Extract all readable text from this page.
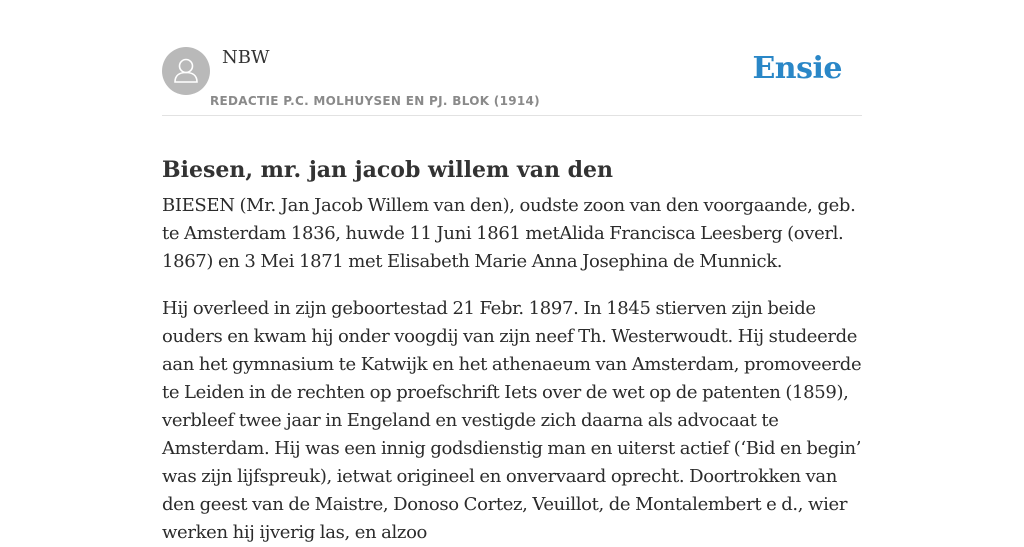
NBW
REDACTIE P.C. MOLHUYSEN EN PJ. BLOK (1914)
Ensie
Biesen, mr. jan jacob willem van den

BIESEN (Mr. Jan Jacob Willem van den), oudste zoon van den voorgaande, geb. te Amsterdam 1836, huwde 11 Juni 1861 metAlida Francisca Leesberg (overl. 1867) en 3 Mei 1871 met Elisabeth Marie Anna Josephina de Munnick.

Hij overleed in zijn geboortestad 21 Febr. 1897. In 1845 stierven zijn beide ouders en kwam hij onder voogdij van zijn neef Th. Westerwoudt. Hij studeerde aan het gymnasium te Katwijk en het athenaeum van Amsterdam, promoveerde te Leiden in de rechten op proefschrift Iets over de wet op de patenten (1859), verbleef twee jaar in Engeland en vestigde zich daarna als advocaat te Amsterdam. Hij was een innig godsdienstig man en uiterst actief (‘Bid en begin’ was zijn lijfspreuk), ietwat origineel en onvervaard oprecht. Doortrokken van den geest van de Maistre, Donoso Cortez, Veuillot, de Montalembert e d., wier werken hij ijverig las, en alzoo
